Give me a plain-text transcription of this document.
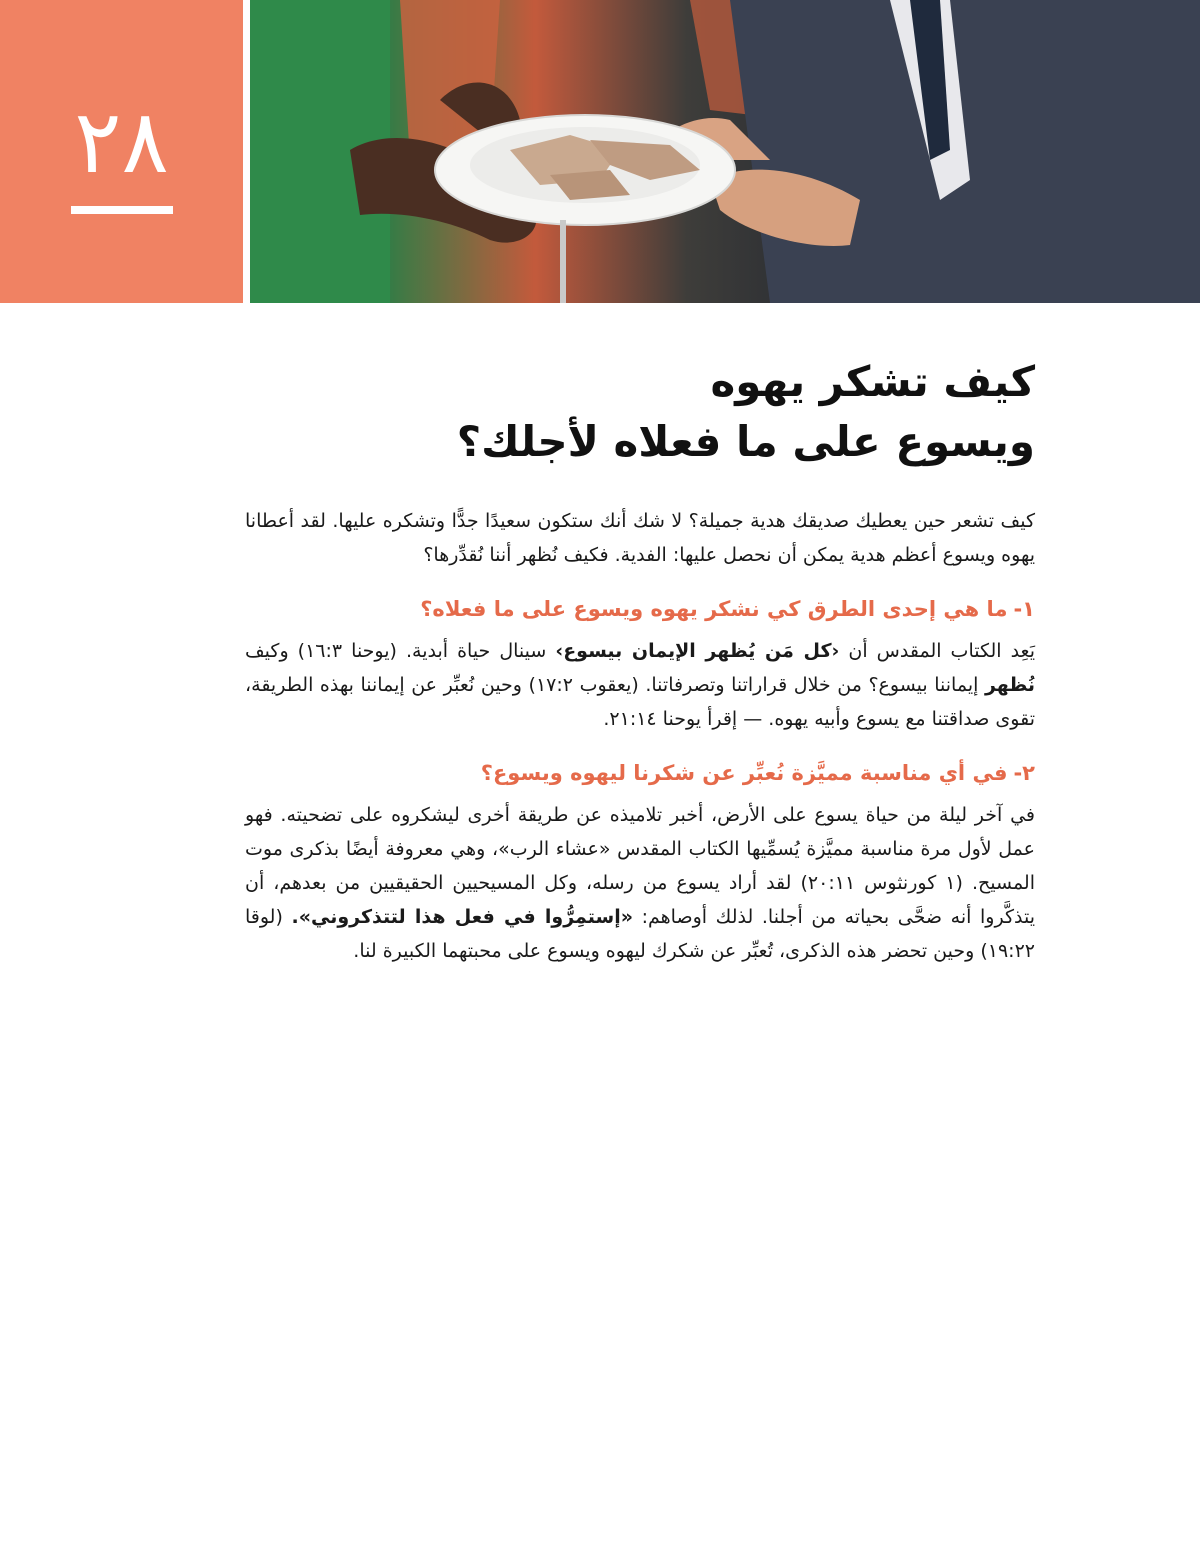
٢٨
كيف تشكر يهوه
ويسوع على ما فعلاه لأجلك؟

كيف تشعر حين يعطيك صديقك هدية جميلة؟ لا شك أنك ستكون سعيدًا جدًّا وتشكره عليها. لقد أعطانا يهوه ويسوع أعظم هدية يمكن أن نحصل عليها: الفدية. فكيف نُظهر أننا نُقدِّرها؟

١-ما هي إحدى الطرق كي نشكر يهوه ويسوع على ما فعلاه؟

يَعِد الكتاب المقدس أن ‹كل مَن يُظهر الإيمان بيسوع› سينال حياة أبدية. (يوحنا ٣:‏١٦) وكيف نُظهر إيماننا بيسوع؟ من خلال قراراتنا وتصرفاتنا. (يعقوب ٢:‏١٧) وحين نُعبِّر عن إيماننا بهذه الطريقة، تقوى صداقتنا مع يسوع وأبيه يهوه. — إقرأ يوحنا ١٤:‏٢١.

٢-في أي مناسبة مميَّزة نُعبِّر عن شكرنا ليهوه ويسوع؟

في آخر ليلة من حياة يسوع على الأرض، أخبر تلاميذه عن طريقة أخرى ليشكروه على تضحيته. فهو عمل لأول مرة مناسبة مميَّزة يُسمِّيها الكتاب المقدس «عشاء الرب»، وهي معروفة أيضًا بذكرى موت المسيح. (١ كورنثوس ١١:‏٢٠) لقد أراد يسوع من رسله، وكل المسيحيين الحقيقيين من بعدهم، أن يتذكَّروا أنه ضحَّى بحياته من أجلنا. لذلك أوصاهم: «إستمِرُّوا في فعل هذا لتتذكروني». (لوقا ٢٢:‏١٩) وحين تحضر هذه الذكرى، تُعبِّر عن شكرك ليهوه ويسوع على محبتهما الكبيرة لنا.
